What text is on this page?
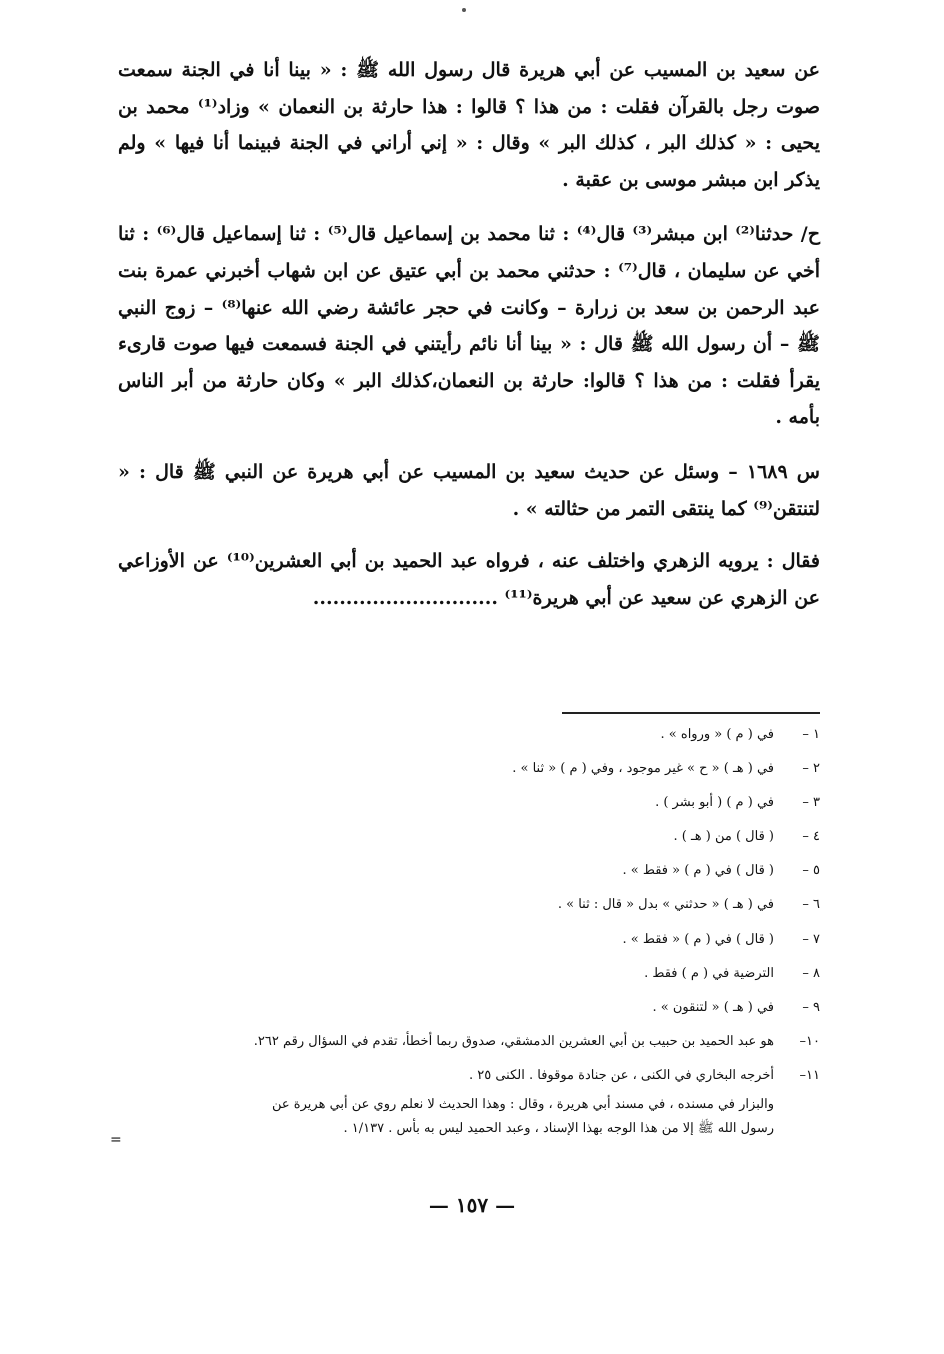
عن سعيد بن المسيب عن أبي هريرة قال رسول الله ﷺ : « بينا أنا في الجنة سمعت صوت رجل بالقرآن فقلت : من هذا ؟ قالوا : هذا حارثة بن النعمان » وزاد⁽¹⁾ محمد بن يحيى : « كذلك البر ، كذلك البر » وقال : « إني أراني في الجنة فبينما أنا فيها » ولم يذكر ابن مبشر موسى بن عقبة .

ح/ حدثنا⁽²⁾ ابن مبشر⁽³⁾ قال⁽⁴⁾ : ثنا محمد بن إسماعيل قال⁽⁵⁾ : ثنا إسماعيل قال⁽⁶⁾ : ثنا أخي عن سليمان ، قال⁽⁷⁾ : حدثني محمد بن أبي عتيق عن ابن شهاب أخبرني عمرة بنت عبد الرحمن بن سعد بن زرارة – وكانت في حجر عائشة رضي الله عنها⁽⁸⁾ – زوج النبي ﷺ – أن رسول الله ﷺ قال : « بينا أنا نائم رأيتني في الجنة فسمعت فيها صوت قارىء يقرأ فقلت : من هذا ؟ قالوا: حارثة بن النعمان،كذلك البر » وكان حارثة من أبر الناس بأمه .

س ١٦٨٩ – وسئل عن حديث سعيد بن المسيب عن أبي هريرة عن النبي ﷺ قال : « لتنتقن⁽⁹⁾ كما ينتقى التمر من حثالته » .

فقال : يرويه الزهري واختلف عنه ، فرواه عبد الحميد بن أبي العشرين⁽¹⁰⁾ عن الأوزاعي عن الزهري عن سعيد عن أبي هريرة⁽¹¹⁾ ............................

١ –
في ( م ) « ورواه » .
٢ –
في ( هـ ) « ح » غير موجود ، وفي ( م ) « ثنا » .
٣ –
في ( م ) ( أبو بشر ) .
٤ –
( قال ) من ( هـ ) .
٥ –
( قال ) في ( م ) « فقط » .
٦ –
في ( هـ ) « حدثني » بدل « قال : ثنا » .
٧ –
( قال ) في ( م ) « فقط » .
٨ –
الترضية في ( م ) فقط .
٩ –
في ( هـ ) « لتنقون » .
١٠–
هو عبد الحميد بن حبيب بن أبي العشرين الدمشقي، صدوق ربما أخطأ، تقدم في السؤال رقم ٢٦٢.
١١–
أخرجه البخاري في الكنى ، عن جنادة موقوفا . الكنى ٢٥ .
والبزار في مسنده ، في مسند أبي هريرة ، وقال : وهذا الحديث لا نعلم روي عن أبي هريرة عن
رسول الله ﷺ إلا من هذا الوجه بهذا الإسناد ، وعبد الحميد ليس به بأس . ١/١٣٧ .
=
— ١٥٧ —
